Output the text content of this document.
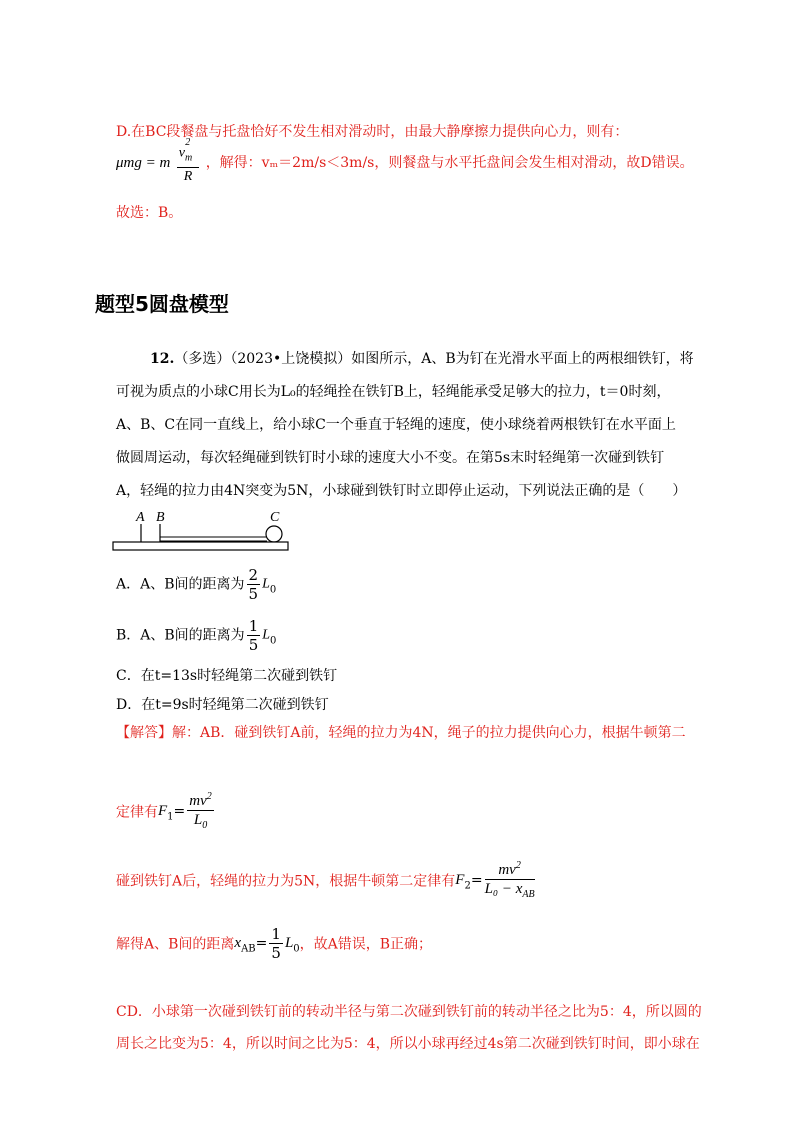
D.在BC段餐盘与托盘恰好不发生相对滑动时，由最大静摩擦力提供向心力，则有：
μmg = m $\frac{v_m^2}{R}$ ，解得：vₘ＝2m/s＜3m/s，则餐盘与水平托盘间会发生相对滑动，故D错误。
故选：B。
题型5圆盘模型
12.（多选）（2023•上饶模拟）如图所示，A、B为钉在光滑水平面上的两根细铁钉，将
可视为质点的小球C用长为L₀的轻绳拴在铁钉B上，轻绳能承受足够大的拉力，t＝0时刻，
A、B、C在同一直线上，给小球C一个垂直于轻绳的速度，使小球绕着两根铁钉在水平面上
做圆周运动，每次轻绳碰到铁钉时小球的速度大小不变。在第5s末时轻绳第一次碰到铁钉
A，轻绳的拉力由4N突变为5N，小球碰到铁钉时立即停止运动，下列说法正确的是（　　）
A B	C
A．A、B间的距离为 $\frac{2}{5} L_0$
B．A、B间的距离为 $\frac{1}{5} L_0$
C．在t=13s时轻绳第二次碰到铁钉
D．在t=9s时轻绳第二次碰到铁钉
【解答】解：AB．碰到铁钉A前，轻绳的拉力为4N，绳子的拉力提供向心力，根据牛顿第二
定律有$F_1= \frac{mv^2}{L_0}$
碰到铁钉A后，轻绳的拉力为5N，根据牛顿第二定律有$F_2= \frac{mv^2}{L_0 - x_{AB}}$
解得A、B间的距离$x_{AB}= \frac{1}{5} L_0$，故A错误，B正确；
CD．小球第一次碰到铁钉前的转动半径与第二次碰到铁钉前的转动半径之比为5：4，所以圆的
周长之比变为5：4，所以时间之比为5：4，所以小球再经过4s第二次碰到铁钉时间，即小球在
